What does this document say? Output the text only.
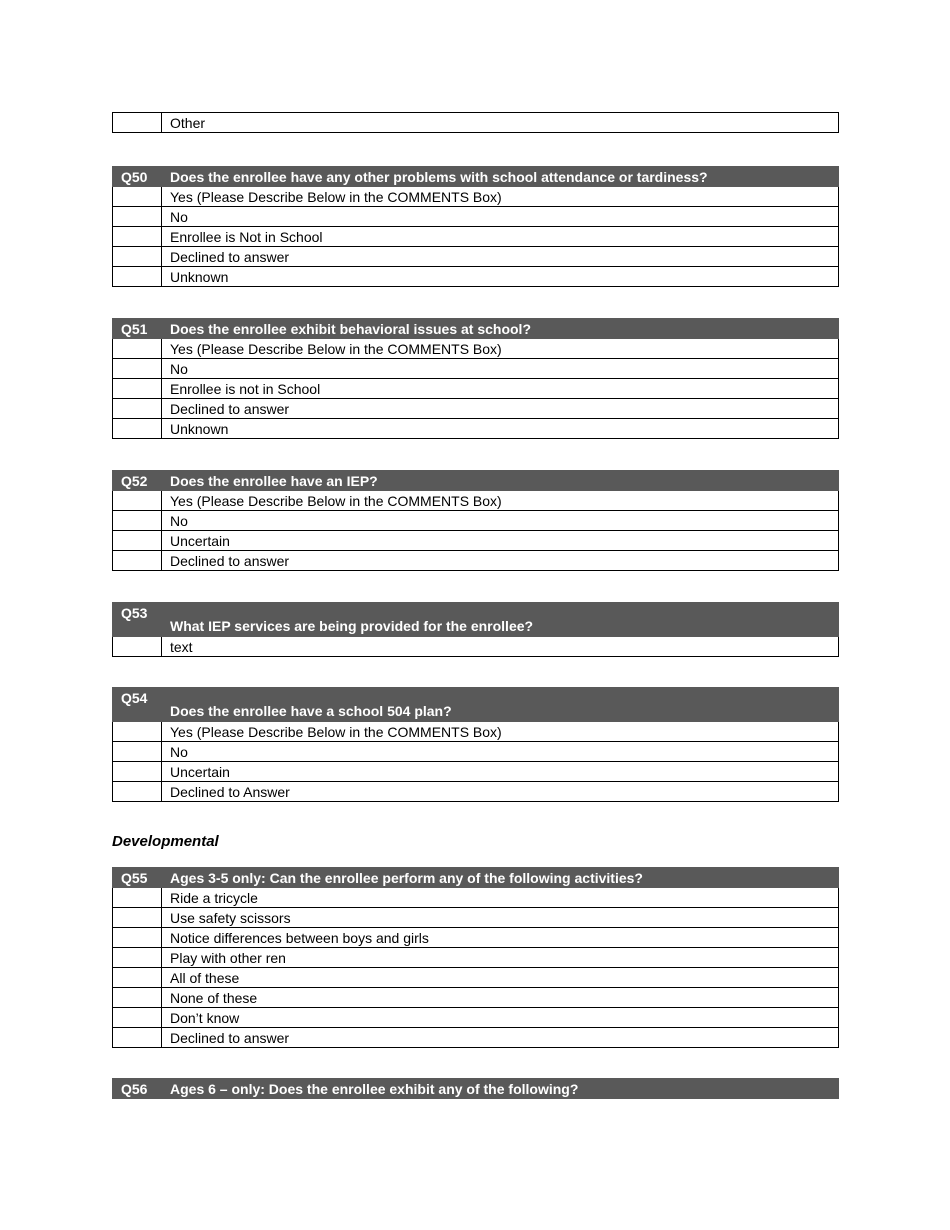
	Other
Q50	Does the enrollee have any other problems with school attendance or tardiness?
	Yes (Please Describe Below in the COMMENTS Box)
	No
	Enrollee is Not in School
	Declined to answer
	Unknown
Q51	Does the enrollee exhibit behavioral issues at school?
	Yes (Please Describe Below in the COMMENTS Box)
	No
	Enrollee is not in School
	Declined to answer
	Unknown
Q52	Does the enrollee have an IEP?
	Yes (Please Describe Below in the COMMENTS Box)
	No
	Uncertain
	Declined to answer
Q53	What IEP services are being provided for the enrollee?
	text
Q54	Does the enrollee have a school 504 plan?
	Yes (Please Describe Below in the COMMENTS Box)
	No
	Uncertain
	Declined to Answer
Developmental
Q55	Ages 3-5 only: Can the enrollee perform any of the following activities?
	Ride a tricycle
	Use safety scissors
	Notice differences between boys and girls
	Play with other ren
	All of these
	None of these
	Don’t know
	Declined to answer
Q56	Ages 6 – only: Does the enrollee exhibit any of the following?
